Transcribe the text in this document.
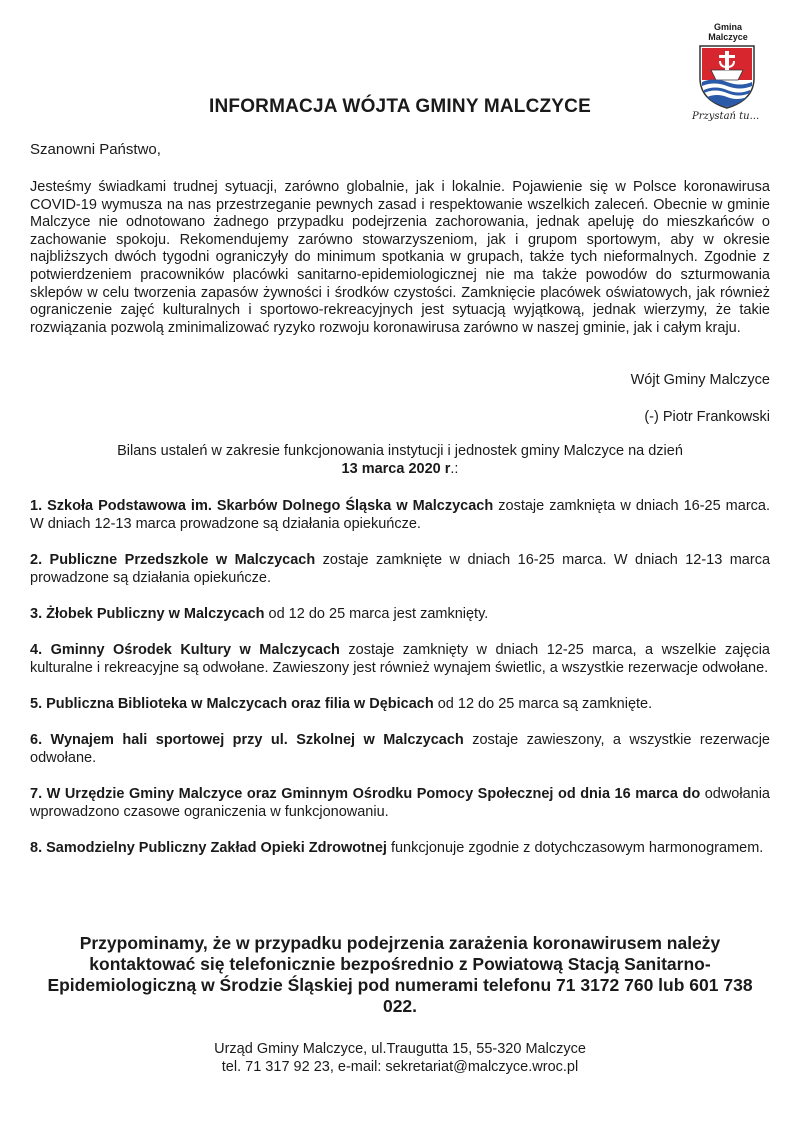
Gmina
Malczyce
Przystań tu...
INFORMACJA WÓJTA GMINY MALCZYCE
Szanowni Państwo,
Jesteśmy świadkami trudnej sytuacji, zarówno globalnie, jak i lokalnie. Pojawienie się w Polsce koronawirusa COVID-19 wymusza na nas przestrzeganie pewnych zasad i respektowanie wszelkich zaleceń. Obecnie w gminie Malczyce nie odnotowano żadnego przypadku podejrzenia zachorowania, jednak apeluję do mieszkańców o zachowanie spokoju. Rekomendujemy zarówno stowarzyszeniom, jak i grupom sportowym, aby w okresie najbliższych dwóch tygodni ograniczyły do minimum spotkania w grupach, także tych nieformalnych. Zgodnie z potwierdzeniem pracowników placówki sanitarno-epidemiologicznej nie ma także powodów do szturmowania sklepów w celu tworzenia zapasów żywności i środków czystości. Zamknięcie placówek oświatowych, jak również ograniczenie zajęć kulturalnych i sportowo-rekreacyjnych jest sytuacją wyjątkową, jednak wierzymy, że takie rozwiązania pozwolą zminimalizować ryzyko rozwoju koronawirusa zarówno w naszej gminie, jak i całym kraju.
Wójt Gminy Malczyce
(-) Piotr Frankowski
Bilans ustaleń w zakresie funkcjonowania instytucji i jednostek gminy Malczyce na dzień
13 marca 2020 r.:
1. Szkoła Podstawowa im. Skarbów Dolnego Śląska w Malczycach zostaje zamknięta w dniach 16-25 marca. W dniach 12-13 marca prowadzone są działania opiekuńcze.
2. Publiczne Przedszkole w Malczycach zostaje zamknięte w dniach 16-25 marca. W dniach 12-13 marca prowadzone są działania opiekuńcze.
3. Żłobek Publiczny w Malczycach od 12 do 25 marca jest zamknięty.
4. Gminny Ośrodek Kultury w Malczycach zostaje zamknięty w dniach 12-25 marca, a wszelkie zajęcia kulturalne i rekreacyjne są odwołane. Zawieszony jest również wynajem świetlic, a wszystkie rezerwacje odwołane.
5. Publiczna Biblioteka w Malczycach oraz filia w Dębicach od 12 do 25 marca są zamknięte.
6. Wynajem hali sportowej przy ul. Szkolnej w Malczycach zostaje zawieszony, a wszystkie rezerwacje odwołane.
7. W Urzędzie Gminy Malczyce oraz Gminnym Ośrodku Pomocy Społecznej od dnia 16 marca do odwołania wprowadzono czasowe ograniczenia w funkcjonowaniu.
8. Samodzielny Publiczny Zakład Opieki Zdrowotnej funkcjonuje zgodnie z dotychczasowym harmonogramem.
Przypominamy, że w przypadku podejrzenia zarażenia koronawirusem należy kontaktować się telefonicznie bezpośrednio z Powiatową Stacją Sanitarno-Epidemiologiczną w Środzie Śląskiej pod numerami telefonu 71 3172 760 lub 601 738 022.
Urząd Gminy Malczyce, ul.Traugutta 15, 55-320 Malczyce
tel. 71 317 92 23, e-mail: sekretariat@malczyce.wroc.pl
